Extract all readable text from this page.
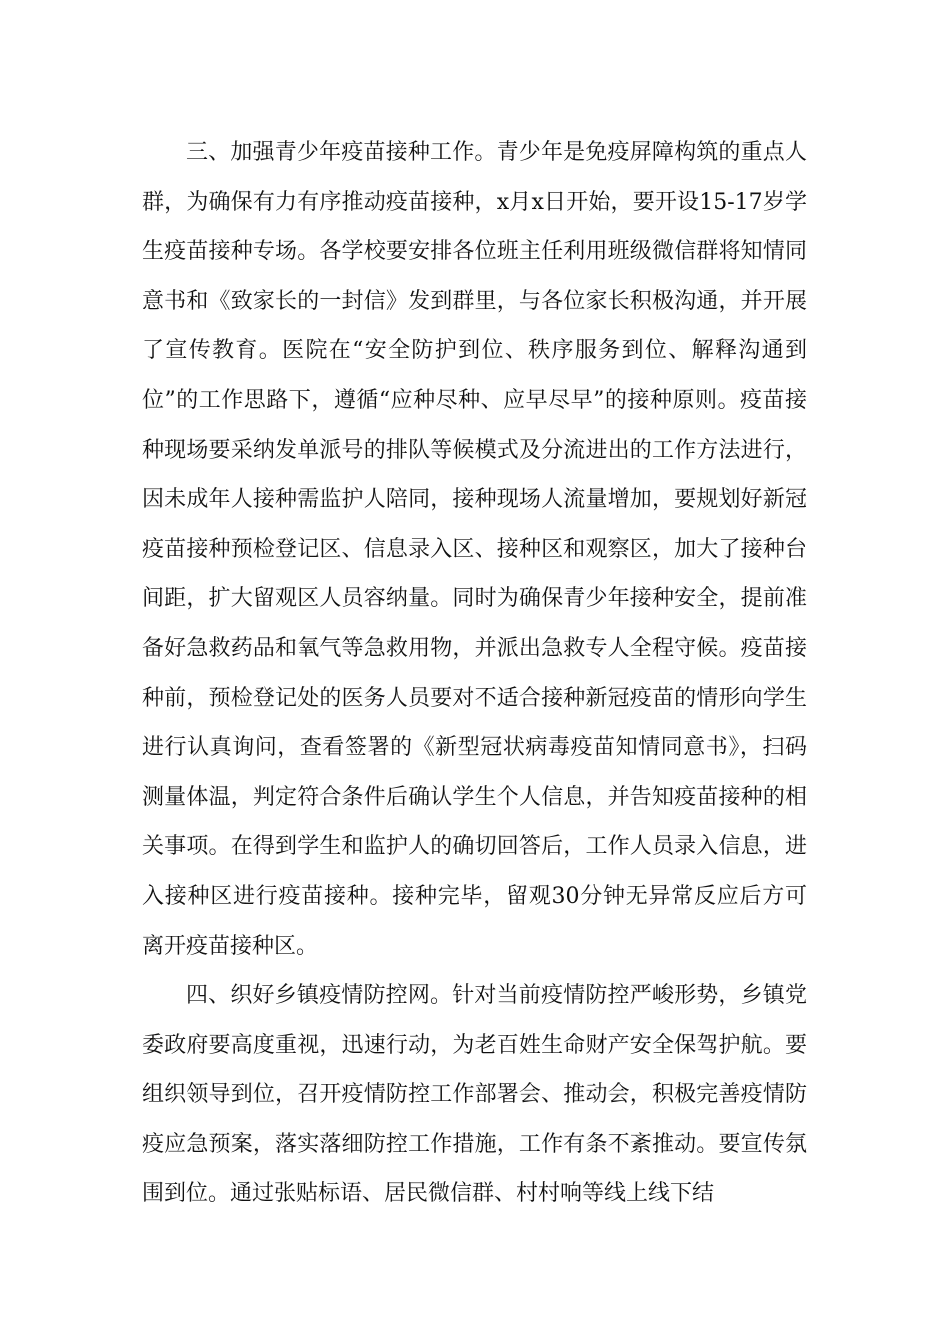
三、加强青少年疫苗接种工作。青少年是免疫屏障构筑的重点人群，为确保有力有序推动疫苗接种，x月x日开始，要开设15-17岁学生疫苗接种专场。各学校要安排各位班主任利用班级微信群将知情同意书和《致家长的一封信》发到群里，与各位家长积极沟通，并开展了宣传教育。医院在“安全防护到位、秩序服务到位、解释沟通到位”的工作思路下，遵循“应种尽种、应早尽早”的接种原则。疫苗接种现场要采纳发单派号的排队等候模式及分流进出的工作方法进行，因未成年人接种需监护人陪同，接种现场人流量增加，要规划好新冠疫苗接种预检登记区、信息录入区、接种区和观察区，加大了接种台间距，扩大留观区人员容纳量。同时为确保青少年接种安全，提前准备好急救药品和氧气等急救用物，并派出急救专人全程守候。疫苗接种前，预检登记处的医务人员要对不适合接种新冠疫苗的情形向学生进行认真询问，查看签署的《新型冠状病毒疫苗知情同意书》，扫码测量体温，判定符合条件后确认学生个人信息，并告知疫苗接种的相关事项。在得到学生和监护人的确切回答后，工作人员录入信息，进入接种区进行疫苗接种。接种完毕，留观30分钟无异常反应后方可离开疫苗接种区。

四、织好乡镇疫情防控网。针对当前疫情防控严峻形势，乡镇党委政府要高度重视，迅速行动，为老百姓生命财产安全保驾护航。要组织领导到位，召开疫情防控工作部署会、推动会，积极完善疫情防疫应急预案，落实落细防控工作措施，工作有条不紊推动。要宣传氛围到位。通过张贴标语、居民微信群、村村响等线上线下结
